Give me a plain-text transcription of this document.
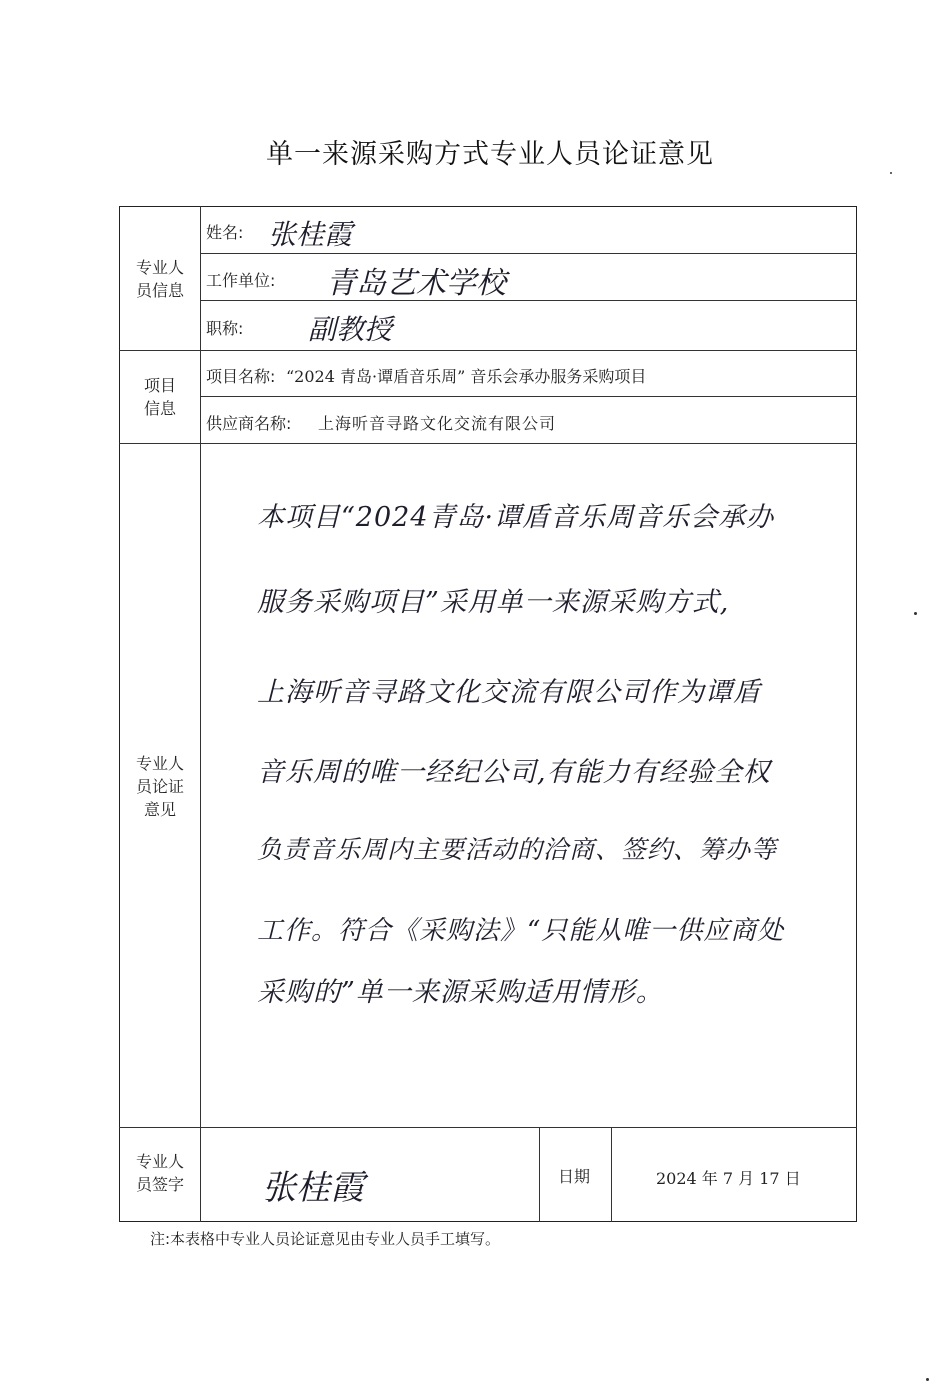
单一来源采购方式专业人员论证意见
专业人员信息
姓名: 张桂霞
工作单位: 青岛艺术学校
职称: 副教授
项目信息
项目名称: “2024 青岛·谭盾音乐周” 音乐会承办服务采购项目
供应商名称: 上海听音寻路文化交流有限公司
专业人员论证意见
本项目“2024青岛·谭盾音乐周音乐会承办
服务采购项目”采用单一来源采购方式,
上海听音寻路文化交流有限公司作为谭盾
音乐周的唯一经纪公司,有能力有经验全权
负责音乐周内主要活动的洽商、签约、筹办等
工作。符合《采购法》“只能从唯一供应商处
采购的”单一来源采购适用情形。
专业人员签字	张桂霞	日期	2024 年 7 月 17 日
注:本表格中专业人员论证意见由专业人员手工填写。
